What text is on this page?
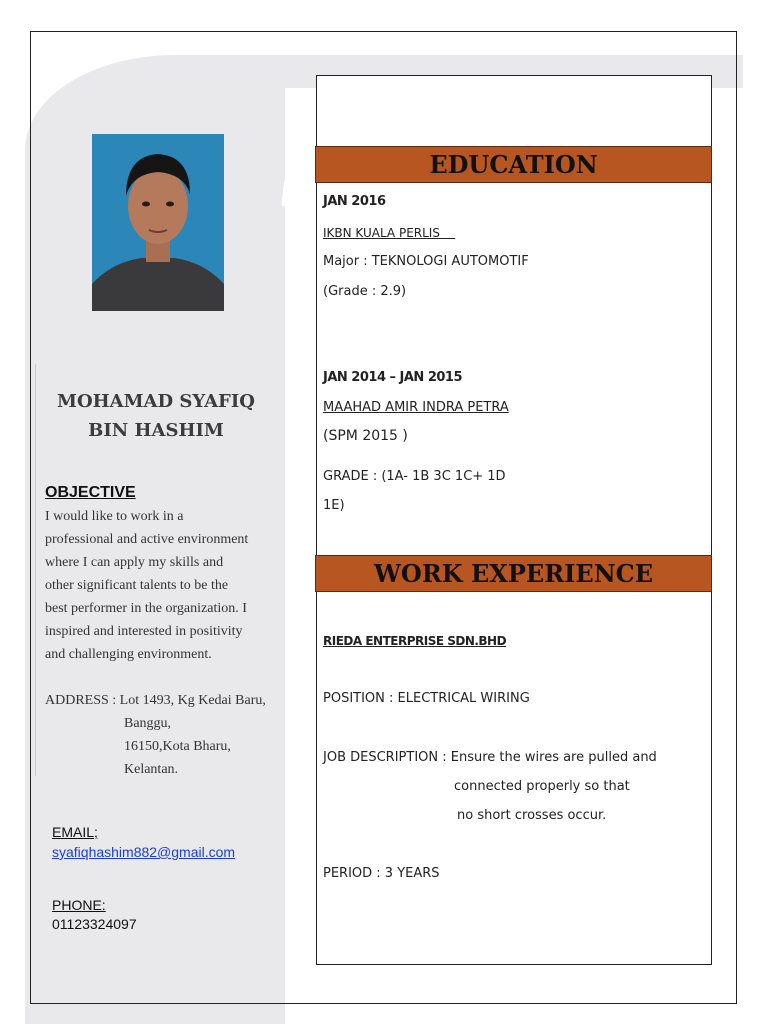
MOHAMAD SYAFIQ
BIN HASHIM
OBJECTIVE
I would like to work in a
professional and active environment
where I can apply my skills and
other significant talents to be the
best performer in the organization. I
inspired and interested in positivity
and challenging environment.
ADDRESS : Lot 1493, Kg Kedai Baru,
Banggu,
16150,Kota Bharu,
Kelantan.
EMAIL;
syafiqhashim882@gmail.com
PHONE:
01123324097
EDUCATION
JAN 2016
IKBN KUALA PERLIS
Major : TEKNOLOGI AUTOMOTIF
(Grade : 2.9)
JAN 2014 – JAN 2015
MAAHAD AMIR INDRA PETRA
(SPM 2015 )
GRADE : (1A- 1B 3C 1C+ 1D
1E)
WORK EXPERIENCE
RIEDA ENTERPRISE SDN.BHD
POSITION : ELECTRICAL WIRING
JOB DESCRIPTION : Ensure the wires are pulled and
connected properly so that
no short crosses occur.
PERIOD : 3 YEARS
